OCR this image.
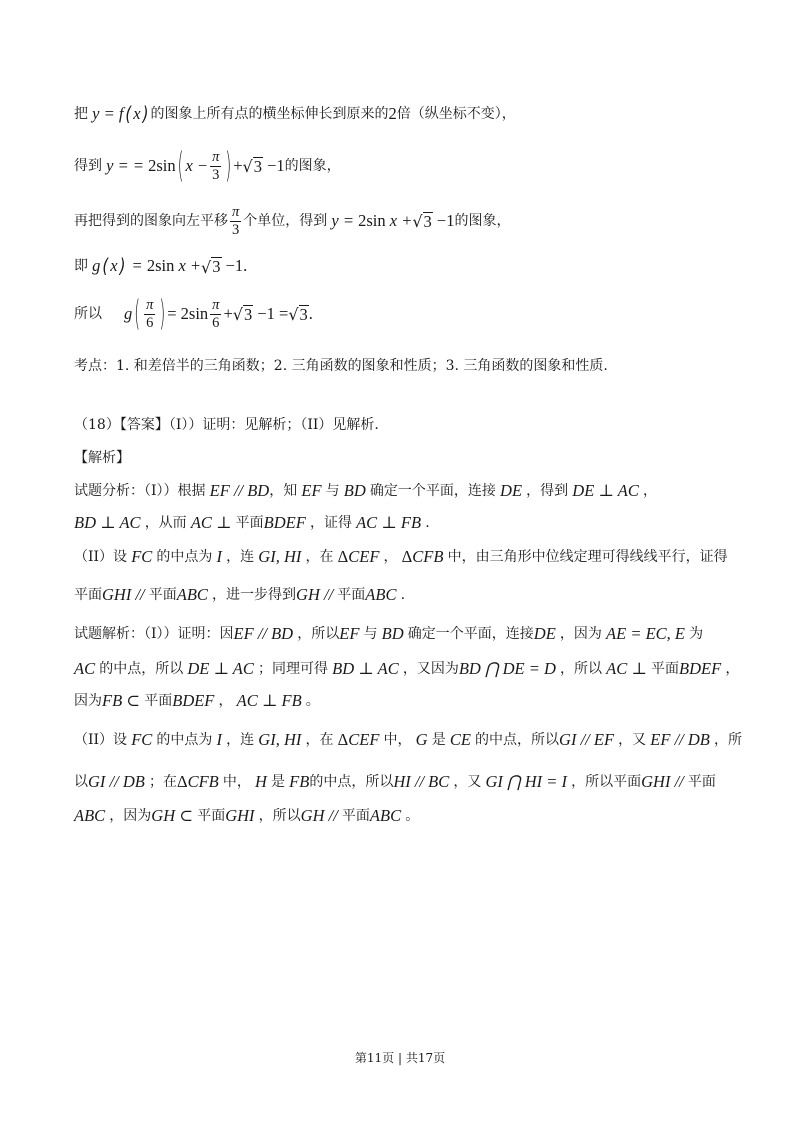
把 y = f ( x ) 的图象上所有点的横坐标伸长到原来的 2 倍（纵坐标不变），
得到 y = = 2sin ( $x - \frac{\pi}{3}$ ) + √ 3 −1 的图象，
再把得到的图象向左平移 $\frac{\pi}{3}$ 个单位，得到 y = 2sin x + √ 3 −1 的图象，
即 g ( x ) = 2sin x + √ 3 −1.
所以 g ( $\frac{\pi}{6}$ ) = $2\sin \frac{\pi}{6}$ + √ 3 −1 = √ 3 .
考点：1. 和差倍半的三角函数；2. 三角函数的图象和性质；3. 三角函数的图象和性质.
（18）【答案】（I））证明：见解析；（II）见解析.
【解析】
试题分析：（I））根据 EF // BD ，知 EF 与 BD 确定一个平面，连接 DE ，得到 DE ⊥ AC ，
BD ⊥ AC ，从而 AC ⊥ 平面 BDEF ，证得 AC ⊥ FB .
（II）设 FC 的中点为 I ，连 GI, HI ，在 ΔCEF ， ΔCFB 中，由三角形中位线定理可得线线平行，证得
平面 GHI // 平面 ABC ，进一步得到 GH // 平面 ABC .
试题解析：（I））证明：因 EF // BD ，所以 EF 与 BD 确定一个平面，连接 DE ，因为 AE = EC, E 为
AC 的中点，所以 DE ⊥ AC ；同理可得 BD ⊥ AC ，又因为 BD ⋂ DE = D ，所以 AC ⊥ 平面 BDEF ，
因为 FB ⊂ 平面 BDEF ， AC ⊥ FB 。
（II）设 FC 的中点为 I ，连 GI, HI ，在 ΔCEF 中， G 是 CE 的中点，所以 GI // EF ，又 EF // DB ，所
以 GI // DB ；在 ΔCFB 中， H 是 FB 的中点，所以 HI // BC ，又 GI ⋂ HI = I ，所以平面 GHI // 平面
ABC ，因为 GH ⊂ 平面 GHI ，所以 GH // 平面 ABC 。
第11页 | 共17页
